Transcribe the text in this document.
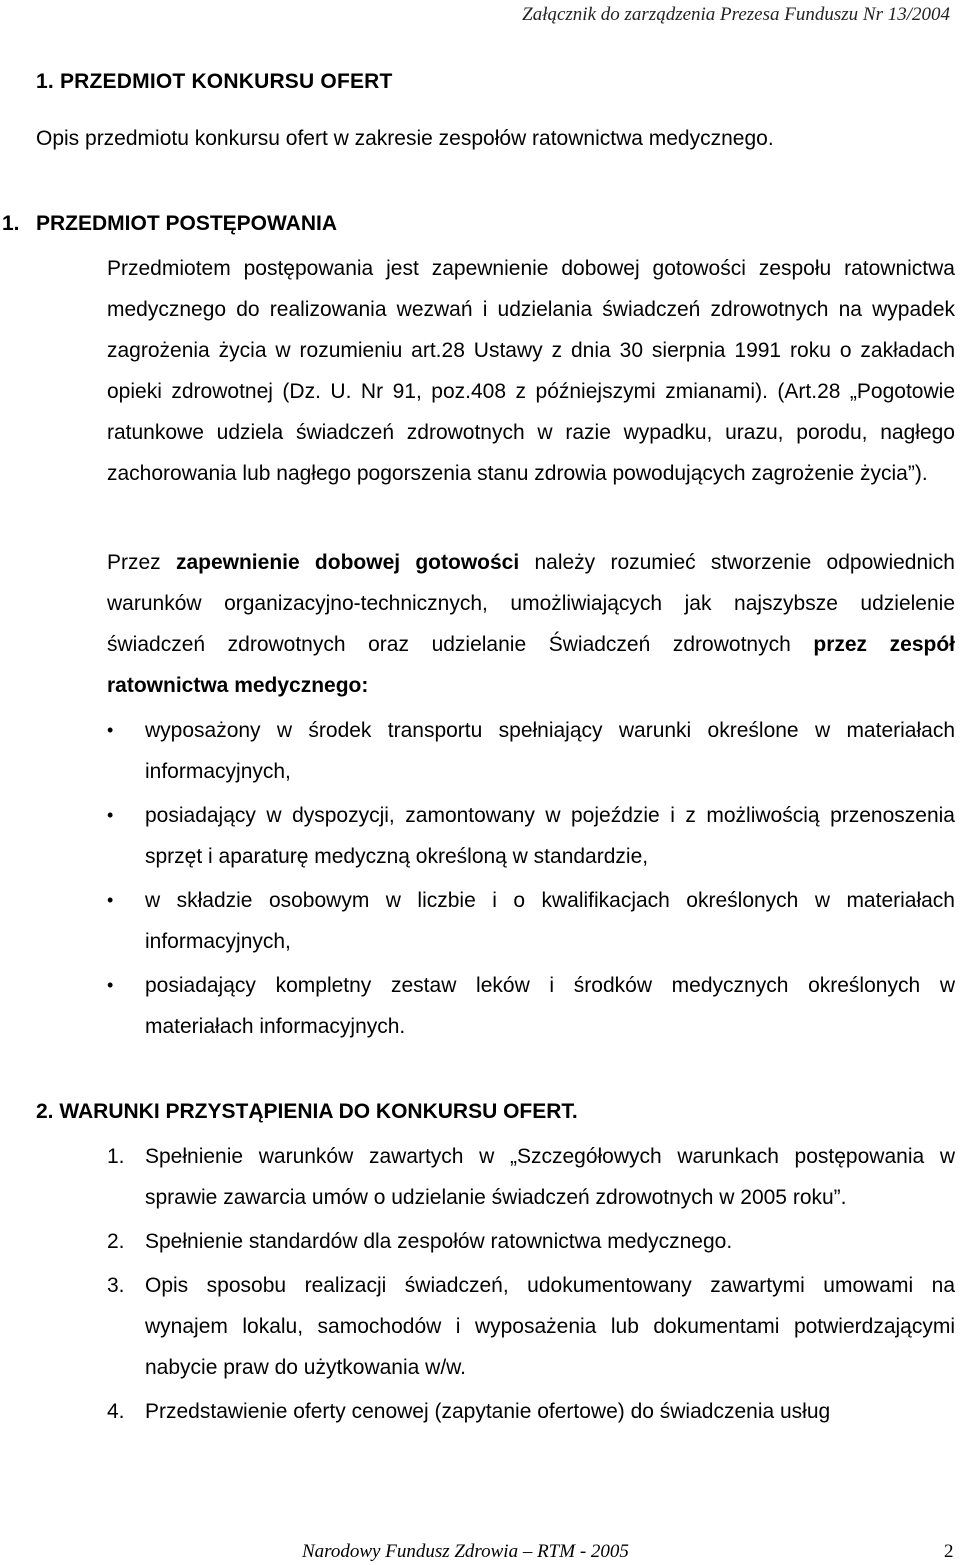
Załącznik do zarządzenia Prezesa Funduszu Nr 13/2004
1. PRZEDMIOT KONKURSU OFERT
Opis przedmiotu konkursu ofert w zakresie zespołów ratownictwa medycznego.
1. PRZEDMIOT POSTĘPOWANIA
Przedmiotem postępowania jest zapewnienie dobowej gotowości zespołu ratownictwa medycznego do realizowania wezwań i udzielania świadczeń zdrowotnych na wypadek zagrożenia życia w rozumieniu art.28 Ustawy z dnia 30 sierpnia 1991 roku o zakładach opieki zdrowotnej (Dz. U. Nr 91, poz.408 z późniejszymi zmianami). (Art.28 „Pogotowie ratunkowe udziela świadczeń zdrowotnych w razie wypadku, urazu, porodu, nagłego zachorowania lub nagłego pogorszenia stanu zdrowia powodujących zagrożenie życia”).
Przez zapewnienie dobowej gotowości należy rozumieć stworzenie odpowiednich warunków organizacyjno-technicznych, umożliwiających jak najszybsze udzielenie świadczeń zdrowotnych oraz udzielanie Świadczeń zdrowotnych przez zespół ratownictwa medycznego:
•	wyposażony w środek transportu spełniający warunki określone w materiałach informacyjnych,
•	posiadający w dyspozycji, zamontowany w pojeździe i z możliwością przenoszenia sprzęt i aparaturę medyczną określoną w standardzie,
•	w składzie osobowym w liczbie i o kwalifikacjach określonych w materiałach informacyjnych,
•	posiadający kompletny zestaw leków i środków medycznych określonych w materiałach informacyjnych.
2. WARUNKI PRZYSTĄPIENIA DO KONKURSU OFERT.
1. Spełnienie warunków zawartych w „Szczegółowych warunkach postępowania w sprawie zawarcia umów o udzielanie świadczeń zdrowotnych w 2005 roku”.
2. Spełnienie standardów dla zespołów ratownictwa medycznego.
3. Opis sposobu realizacji świadczeń, udokumentowany zawartymi umowami na wynajem lokalu, samochodów i wyposażenia lub dokumentami potwierdzającymi nabycie praw do użytkowania w/w.
4. Przedstawienie oferty cenowej (zapytanie ofertowe) do świadczenia usług
Narodowy Fundusz Zdrowia – RTM - 2005	2
